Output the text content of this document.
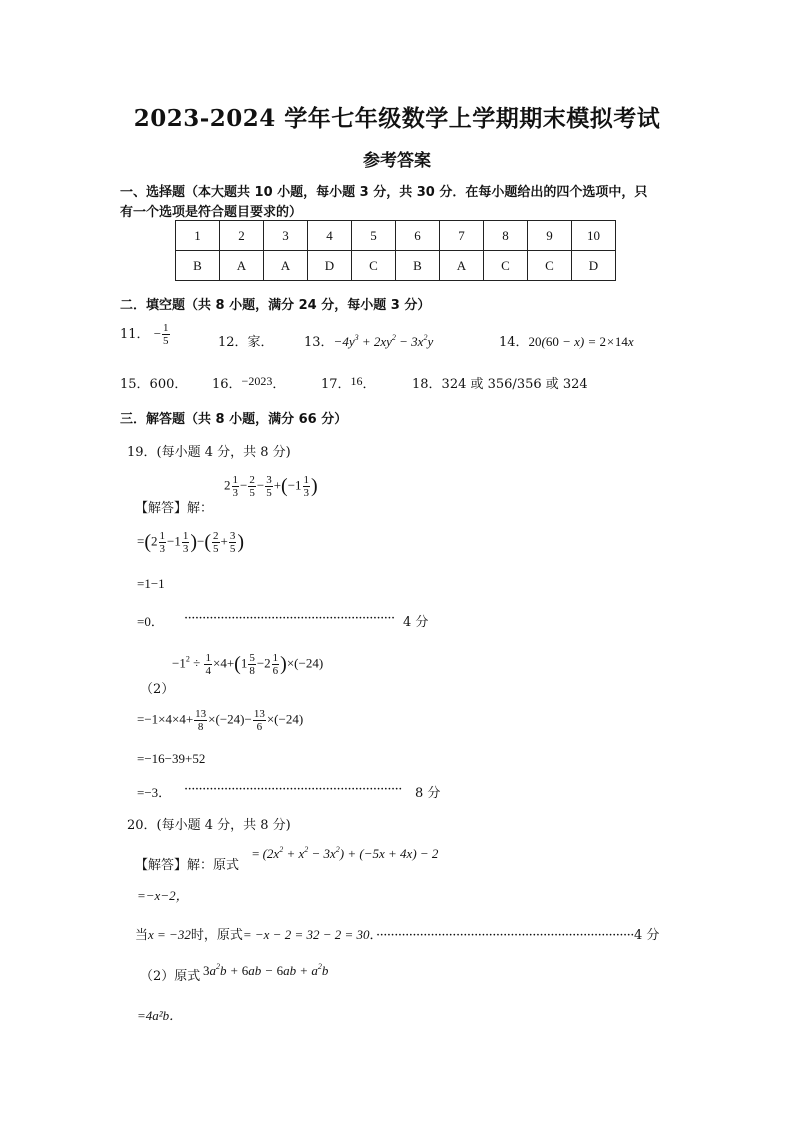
2023-2024 学年七年级数学上学期期末模拟考试
参考答案
一、选择题（本大题共 10 小题，每小题 3 分，共 30 分．在每小题给出的四个选项中，只
有一个选项是符合题目要求的）
1	2	3	4	5	6	7	8	9	10
B	A	A	D	C	B	A	C	C	D
二．填空题（共 8 小题，满分 24 分，每小题 3 分）
11． − $\frac{1}{5}$	12．家． 13．$-4y^3 + 2xy^2 - 3x^2y$	14．20(60 − x) = 2×14x
15．600． 16．−2023．	17．16．	18．324 或 356/356 或 324
三．解答题（共 8 小题，满分 66 分）
19．(每小题 4 分，共 8 分)
【解答】解：
$2 \frac{1}{3} - \frac{2}{5} - \frac{3}{5} +(-1 \frac{1}{3}$ )
$=(2 \frac{1}{3} -1 \frac{1}{3}$ )−( $\frac{2}{5} + \frac{3}{5}$ )
=1−1
=0． ·························································· 4 分
（2）
$-1^2 \div \frac{1}{4} \times 4+(1 \frac{5}{8} -2 \frac{1}{6} )\times(-24)$
$=-1\times 4\times 4+ \frac{13}{8} \times(-24)- \frac{13}{6} \times(-24)$
=−16−39+52
=−3． ···························································· 8 分
20．(每小题 4 分，共 8 分)
【解答】解：原式
= $(2x^2 + x^2 - 3x^2) + (-5x + 4x) - 2$
=−x−2，
当x = −32时，原式= −x − 2 = 32 − 2 = 30．·······································································4 分
（2）原式 $3a^2b + 6ab - 6ab + a^2b$
=4a²b．
